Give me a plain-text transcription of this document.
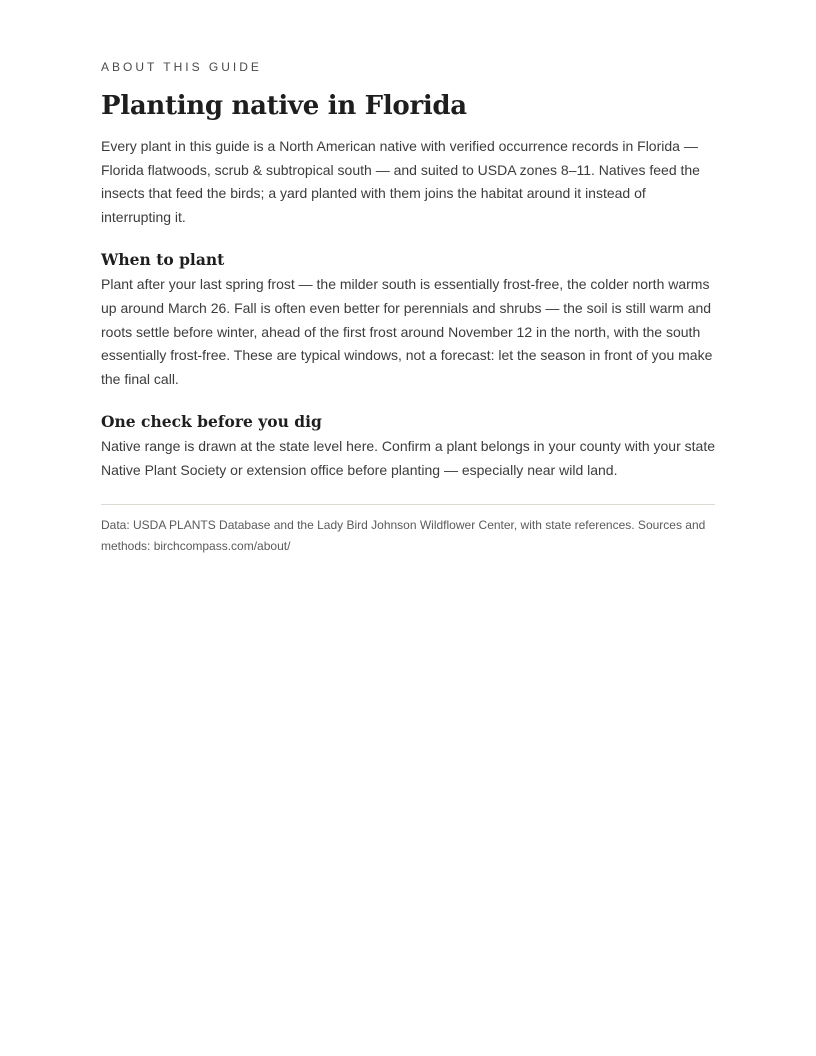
ABOUT THIS GUIDE

Planting native in Florida

Every plant in this guide is a North American native with verified occurrence records in Florida — Florida flatwoods, scrub & subtropical south — and suited to USDA zones 8–11. Natives feed the insects that feed the birds; a yard planted with them joins the habitat around it instead of interrupting it.

When to plant

Plant after your last spring frost — the milder south is essentially frost-free, the colder north warms up around March 26. Fall is often even better for perennials and shrubs — the soil is still warm and roots settle before winter, ahead of the first frost around November 12 in the north, with the south essentially frost-free. These are typical windows, not a forecast: let the season in front of you make the final call.

One check before you dig

Native range is drawn at the state level here. Confirm a plant belongs in your county with your state Native Plant Society or extension office before planting — especially near wild land.

Data: USDA PLANTS Database and the Lady Bird Johnson Wildflower Center, with state references. Sources and methods: birchcompass.com/about/
